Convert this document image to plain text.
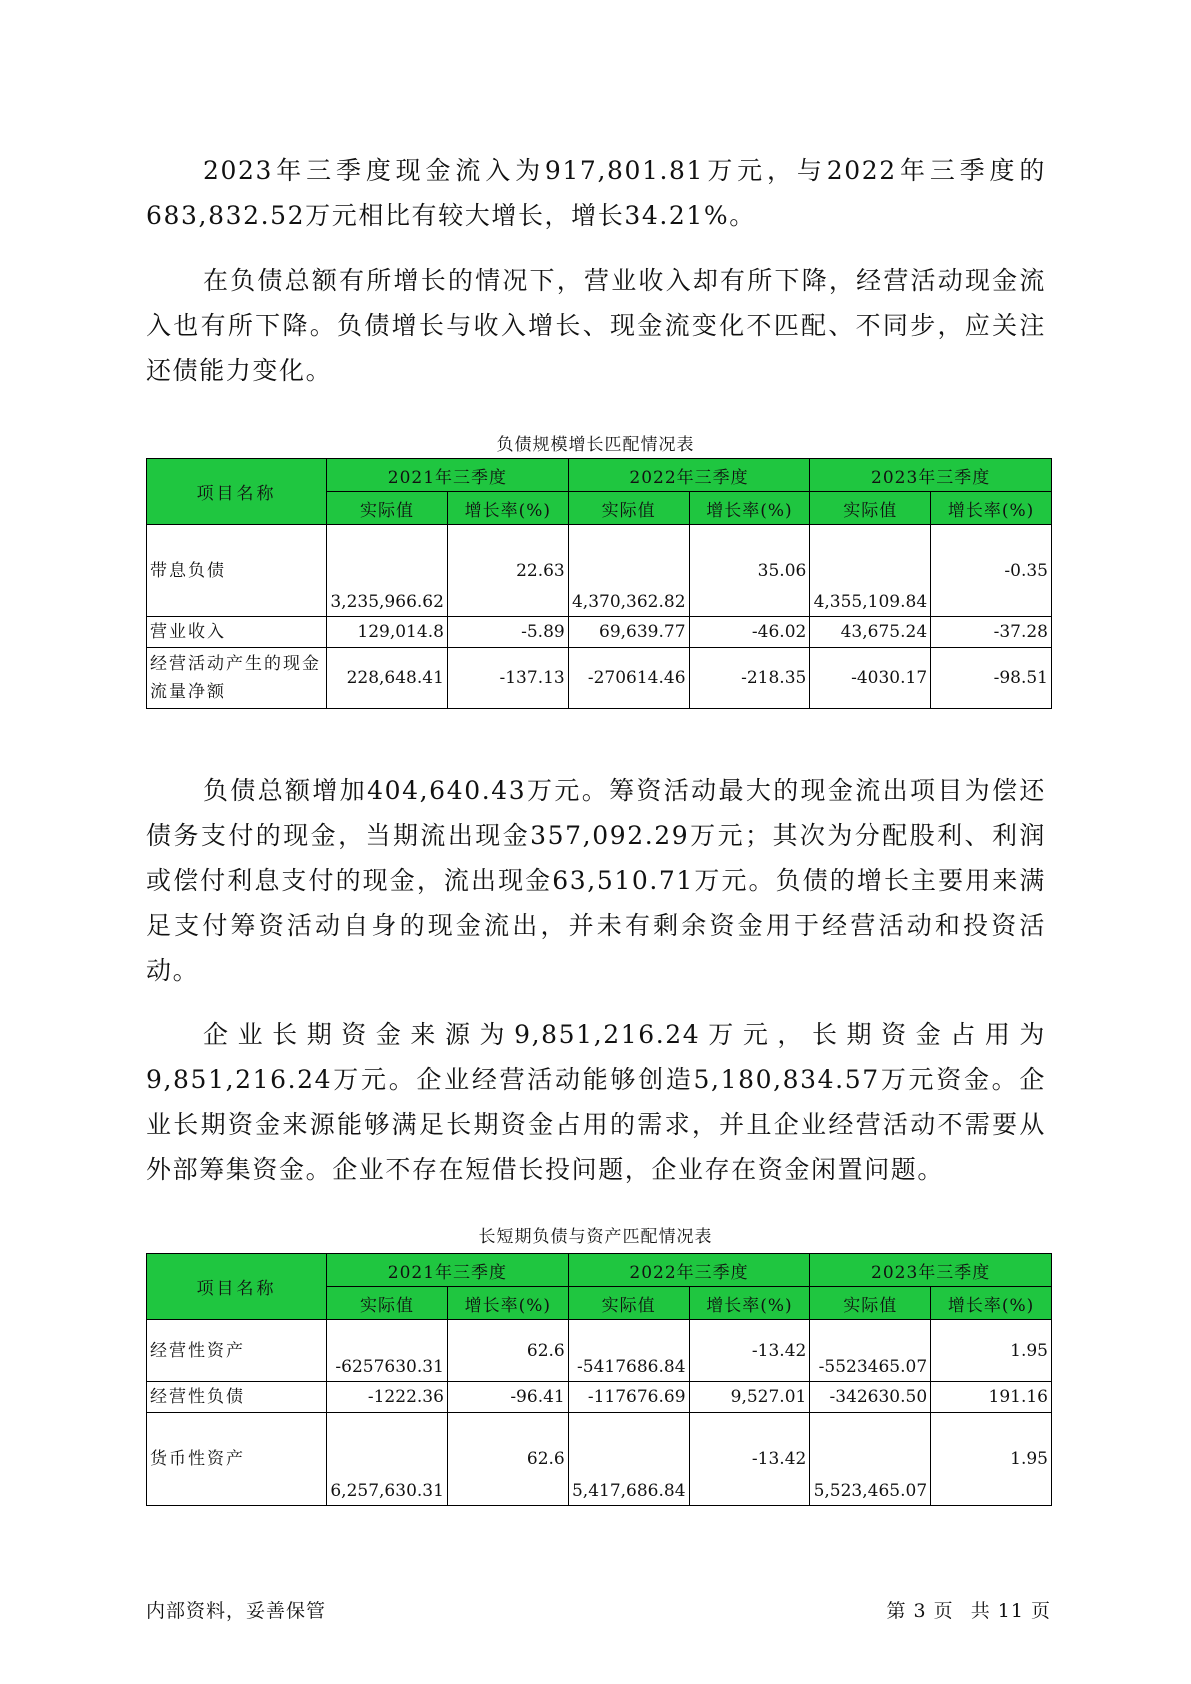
2023年三季度现金流入为917,801.81万元，与2022年三季度的683,832.52万元相比有较大增长，增长34.21%。

在负债总额有所增长的情况下，营业收入却有所下降，经营活动现金流入也有所下降。负债增长与收入增长、现金流变化不匹配、不同步，应关注还债能力变化。

负债规模增长匹配情况表

项目名称	2021年三季度		2022年三季度		2023年三季度	
	实际值	增长率(%)	实际值	增长率(%)	实际值	增长率(%)
带息负债	3,235,966.62	22.63	4,370,362.82	35.06	4,355,109.84	-0.35
营业收入	129,014.8	-5.89	69,639.77	-46.02	43,675.24	-37.28
经营活动产生的现金流量净额	228,648.41	-137.13	-270614.46	-218.35	-4030.17	-98.51

负债总额增加404,640.43万元。筹资活动最大的现金流出项目为偿还债务支付的现金，当期流出现金357,092.29万元；其次为分配股利、利润或偿付利息支付的现金，流出现金63,510.71万元。负债的增长主要用来满足支付筹资活动自身的现金流出，并未有剩余资金用于经营活动和投资活动。

企业长期资金来源为9,851,216.24万元，长期资金占用为9,851,216.24万元。企业经营活动能够创造5,180,834.57万元资金。企业长期资金来源能够满足长期资金占用的需求，并且企业经营活动不需要从外部筹集资金。企业不存在短借长投问题，企业存在资金闲置问题。

长短期负债与资产匹配情况表

项目名称	2021年三季度		2022年三季度		2023年三季度	
	实际值	增长率(%)	实际值	增长率(%)	实际值	增长率(%)
经营性资产	-6257630.31	62.6	-5417686.84	-13.42	-5523465.07	1.95
经营性负债	-1222.36	-96.41	-117676.69	9,527.01	-342630.50	191.16
货币性资产	6,257,630.31	62.6	5,417,686.84	-13.42	5,523,465.07	1.95
内部资料，妥善保管	第 3 页 共 11 页
